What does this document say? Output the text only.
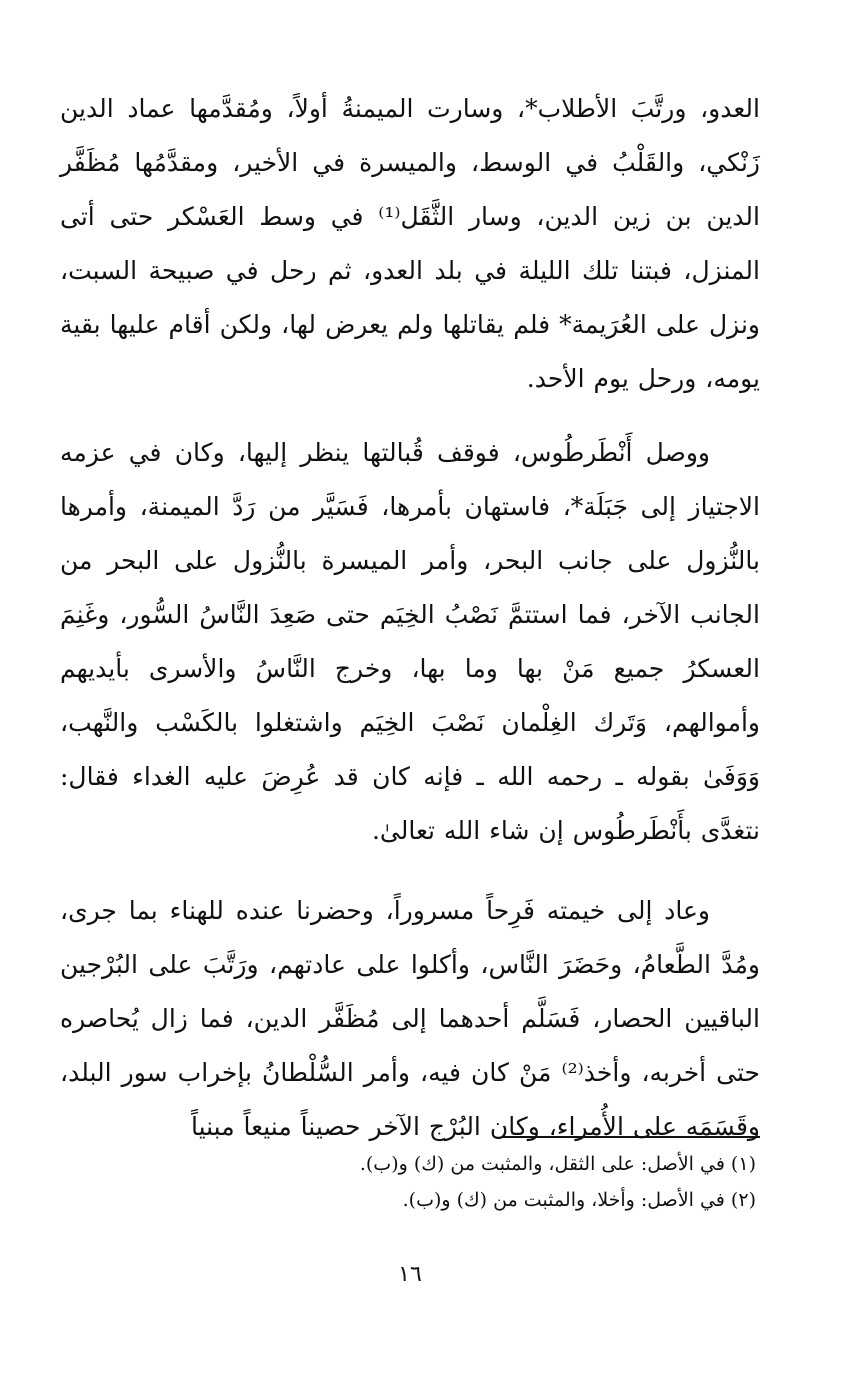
العدو، ورتَّبَ الأطلاب*، وسارت الميمنةُ أولاً، ومُقدَّمها عماد الدين زَنْكي، والقَلْبُ في الوسط، والميسرة في الأخير، ومقدَّمُها مُظَفَّر الدين بن زين الدين، وسار الثَّقَل⁽¹⁾ في وسط العَسْكر حتى أتى المنزل، فبتنا تلك الليلة في بلد العدو، ثم رحل في صبيحة السبت، ونزل على العُرَيمة* فلم يقاتلها ولم يعرض لها، ولكن أقام عليها بقية يومه، ورحل يوم الأحد.

ووصل أَنْطَرطُوس، فوقف قُبالتها ينظر إليها، وكان في عزمه الاجتياز إلى جَبَلَة*، فاستهان بأمرها، فَسَيَّر من رَدَّ الميمنة، وأمرها بالنُّزول على جانب البحر، وأمر الميسرة بالنُّزول على البحر من الجانب الآخر، فما استتمَّ نَصْبُ الخِيَم حتى صَعِدَ النَّاسُ السُّور، وغَنِمَ العسكرُ جميع مَنْ بها وما بها، وخرج النَّاسُ والأسرى بأيديهم وأموالهم، وَتَرك الغِلْمان نَصْبَ الخِيَم واشتغلوا بالكَسْب والنَّهب، وَوَفَىٰ بقوله ـ رحمه الله ـ فإنه كان قد عُرِضَ عليه الغداء فقال: نتغدَّى بأَنْطَرطُوس إن شاء الله تعالىٰ.

وعاد إلى خيمته فَرِحاً مسروراً، وحضرنا عنده للهناء بما جرى، ومُدَّ الطَّعامُ، وحَضَرَ النَّاس، وأكلوا على عادتهم، ورَتَّبَ على البُرْجين الباقيين الحصار، فَسَلَّم أحدهما إلى مُظَفَّر الدين، فما زال يُحاصره حتى أخربه، وأخذ⁽²⁾ مَنْ كان فيه، وأمر السُّلْطانُ بإخراب سور البلد، وقَسَمَه على الأُمراء، وكان البُرْج الآخر حصيناً منيعاً مبنياً

(١) في الأصل: على الثقل، والمثبت من (ك) و(ب).

(٢) في الأصل: وأخلا، والمثبت من (ك) و(ب).

١٦
